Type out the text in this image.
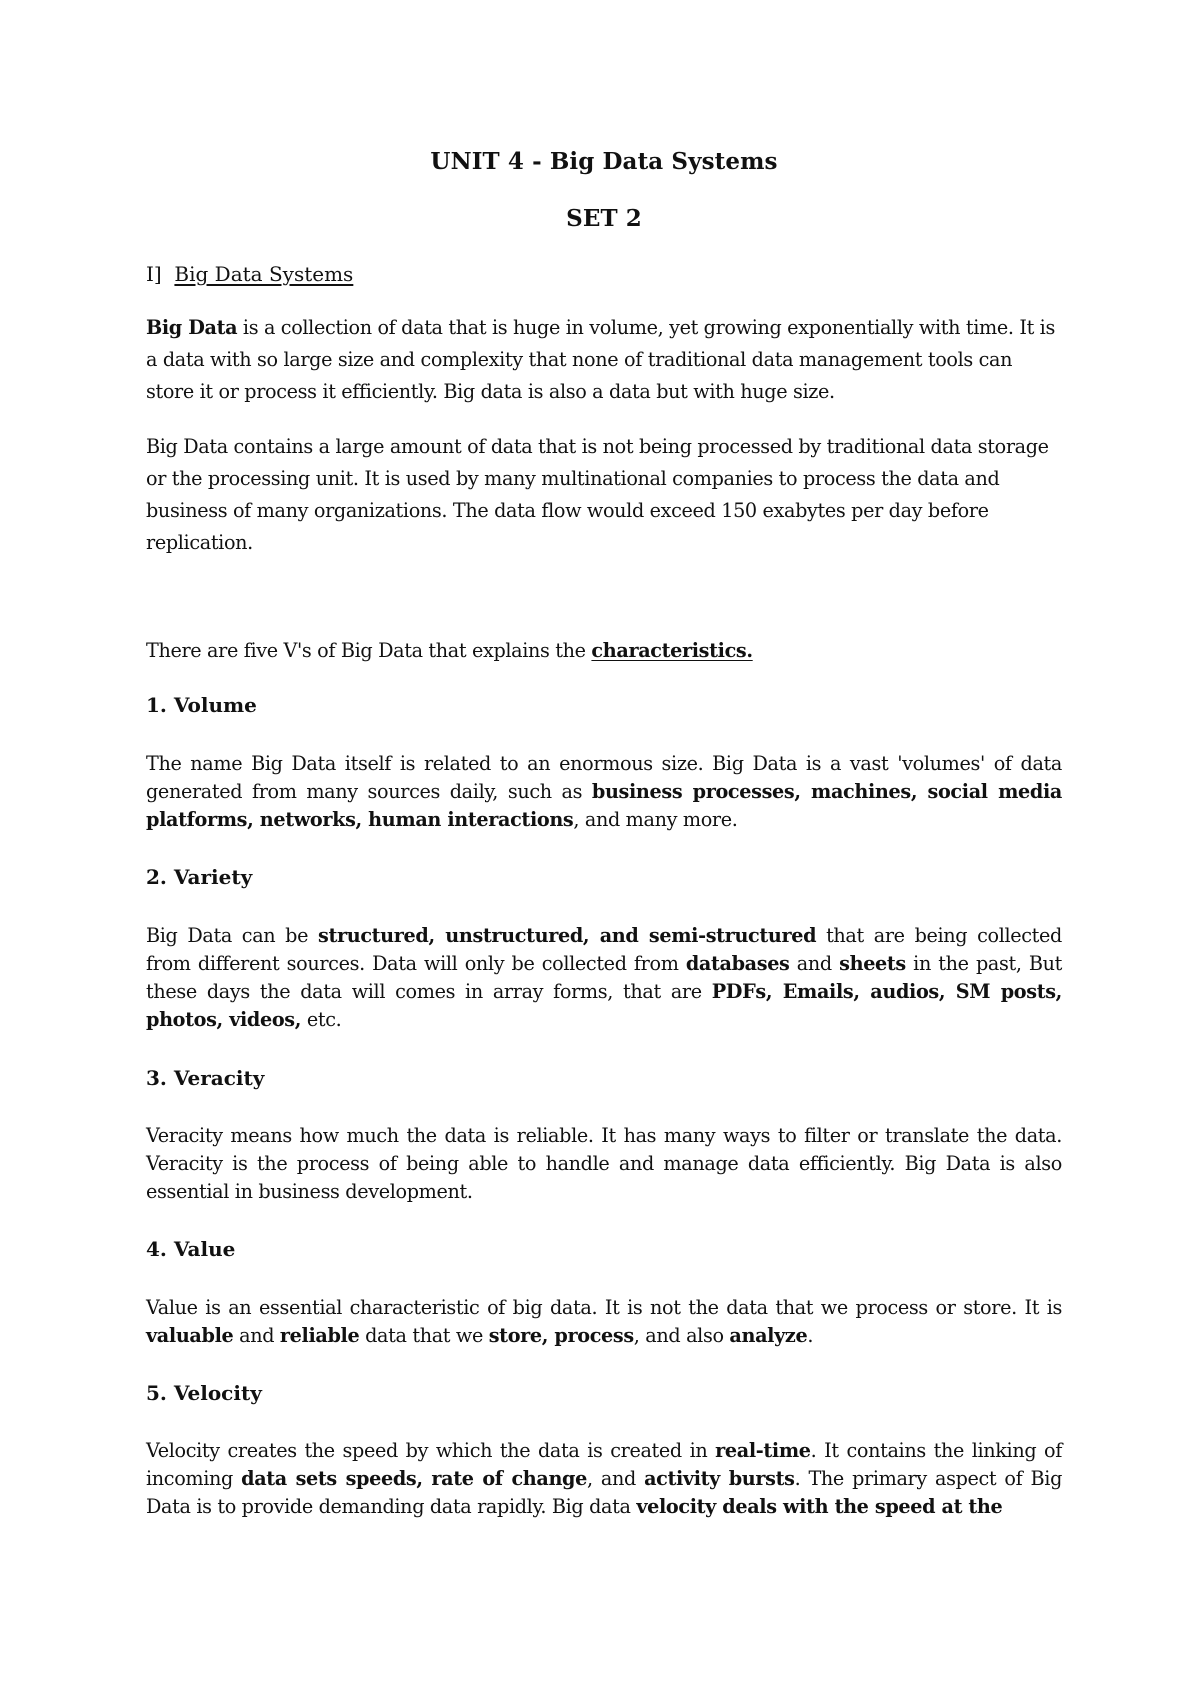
UNIT 4 - Big Data Systems
SET 2
I] Big Data Systems

Big Data is a collection of data that is huge in volume, yet growing exponentially with time. It is a data with so large size and complexity that none of traditional data management tools can store it or process it efficiently. Big data is also a data but with huge size.

Big Data contains a large amount of data that is not being processed by traditional data storage or the processing unit. It is used by many multinational companies to process the data and business of many organizations. The data flow would exceed 150 exabytes per day before replication.

There are five V's of Big Data that explains the characteristics.

1. Volume

The name Big Data itself is related to an enormous size. Big Data is a vast 'volumes' of data generated from many sources daily, such as business processes, machines, social media platforms, networks, human interactions, and many more.

2. Variety

Big Data can be structured, unstructured, and semi-structured that are being collected from different sources. Data will only be collected from databases and sheets in the past, But these days the data will comes in array forms, that are PDFs, Emails, audios, SM posts, photos, videos, etc.

3. Veracity

Veracity means how much the data is reliable. It has many ways to filter or translate the data. Veracity is the process of being able to handle and manage data efficiently. Big Data is also essential in business development.

4. Value

Value is an essential characteristic of big data. It is not the data that we process or store. It is valuable and reliable data that we store, process, and also analyze.

5. Velocity

Velocity creates the speed by which the data is created in real-time. It contains the linking of incoming data sets speeds, rate of change, and activity bursts. The primary aspect of Big Data is to provide demanding data rapidly. Big data velocity deals with the speed at the
